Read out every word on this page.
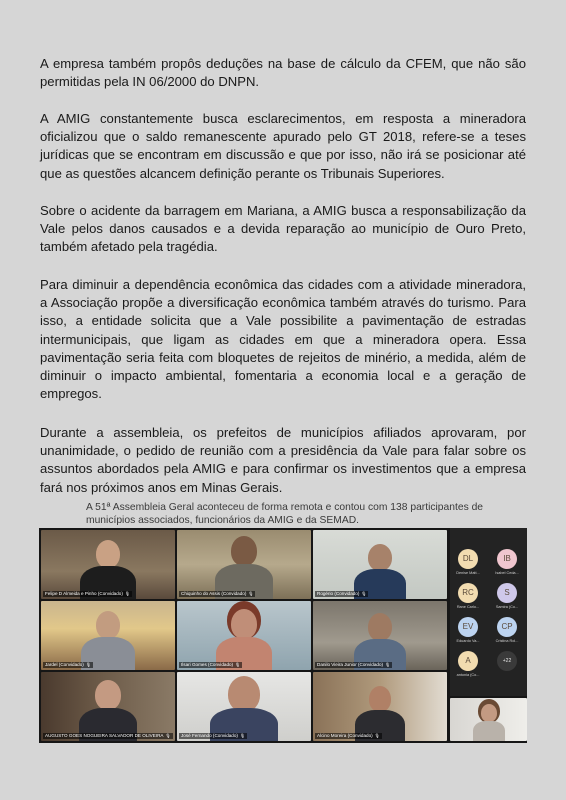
A empresa também propôs deduções na base de cálculo da CFEM, que não são permitidas pela IN 06/2000 do DNPN.

A AMIG constantemente busca esclarecimentos, em resposta a mineradora oficializou que o saldo remanescente apurado pelo GT 2018, refere-se a teses jurídicas que se encontram em discussão e que por isso, não irá se posicionar até que as questões alcancem definição perante os Tribunais Superiores.

Sobre o acidente da barragem em Mariana, a AMIG busca a responsabilização da Vale pelos danos causados e a devida reparação ao município de Ouro Preto, também afetado pela tragédia.

Para diminuir a dependência econômica das cidades com a atividade mineradora, a Associação propõe a diversificação econômica também através do turismo. Para isso, a entidade solicita que a Vale possibilite a pavimentação de estradas intermunicipais, que ligam as cidades em que a mineradora opera. Essa pavimentação seria feita com bloquetes de rejeitos de minério, a medida, além de diminuir o impacto ambiental, fomentaria a economia local e a geração de empregos.

Durante a assembleia, os prefeitos de municípios afiliados aprovaram, por unanimidade, o pedido de reunião com a presidência da Vale para falar sobre os assuntos abordados pela AMIG e para confirmar os investimentos que a empresa fará nos próximos anos em Minas Gerais.

A 51ª Assembleia Geral aconteceu de forma remota e contou com 138 participantes de municípios associados, funcionários da AMIG e da SEMAD.

Felipe D Almeida e Pinho (Convidado) 🎙	Chiquinho do Assis (Convidado) 🎙	Rogério (Convidado) 🎙
Jardel (Convidado) 🎙	Ilsari Gomes (Convidado) 🎙	Danilo Vieira Junior (Convidado) 🎙
AUGUSTO GOES NOGUEIRA SALVADOR DE OLIVEIRA 🎙	José Fernando (Convidado) 🎙	Alcino Moreira (Convidado) 🎙
DL
Denise Matt...
IB
Isabel Ceda...
RC
Rane Carlo...
S
Samira (Co...
EV
Eduardo Va...
CP
Cristina Rol...
A
antonia (Co...
+22
